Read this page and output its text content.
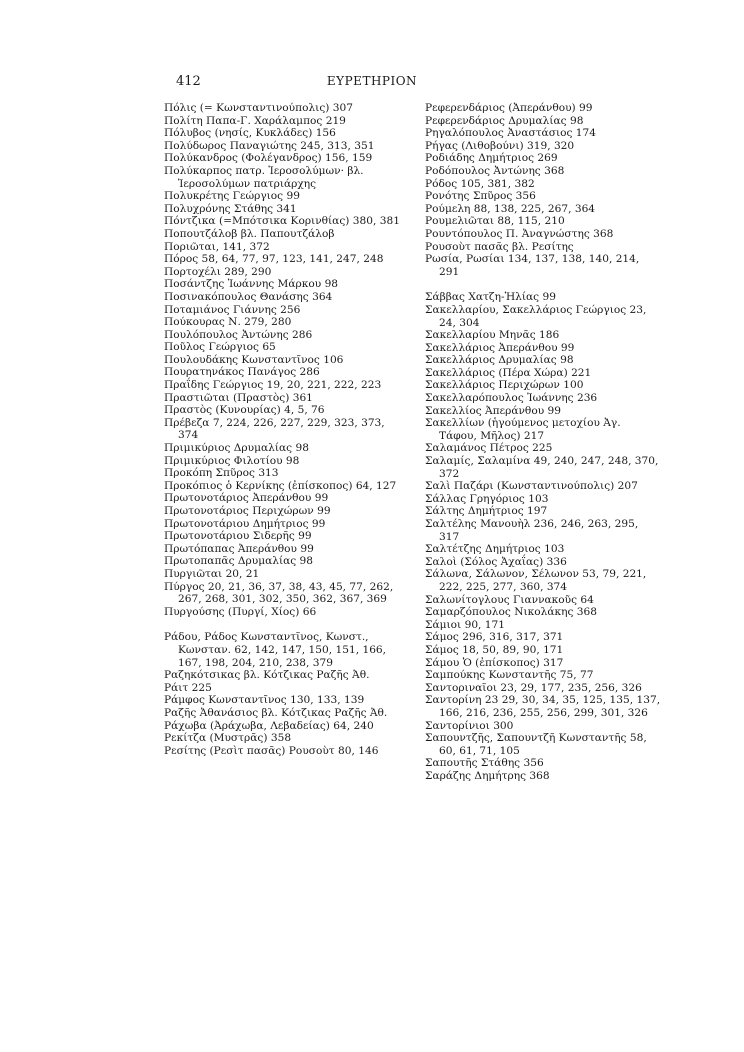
412	ΕΥΡΕΤΗΡΙΟΝ
Πόλις (= Κωνσταντινούπολις) 307
Πολίτη Παπα-Γ. Χαράλαμπος 219
Πόλυβος (νησίς, Κυκλάδες) 156
Πολύδωρος Παναγιώτης 245, 313, 351
Πολύκανδρος (Φολέγανδρος) 156, 159
Πολύκαρπος πατρ. Ἱεροσολύμων· βλ. Ἱεροσολύμων πατριάρχης
Πολυκρέτης Γεώργιος 99
Πολυχρόνης Στάθης 341
Πόντζικα (=Μπότσικα Κορινθίας) 380, 381
Ποπουτζάλοβ βλ. Παπουτζάλοβ
Ποριῶται, 141, 372
Πόρος 58, 64, 77, 97, 123, 141, 247, 248
Πορτοχέλι 289, 290
Ποσάντζης Ἰωάννης Μάρκου 98
Ποσινακόπουλος Θανάσης 364
Ποταμιάνος Γιάννης 256
Πούκουρας Ν. 279, 280
Πουλόπουλος Ἀντώνης 286
Ποῦλος Γεώργιος 65
Πουλουδάκης Κωνσταντῖνος 106
Πουρατηνάκος Πανάγος 286
Πραΐδης Γεώργιος 19, 20, 221, 222, 223
Πραστιῶται (Πραστὸς) 361
Πραστὸς (Κυνουρίας) 4, 5, 76
Πρέβεζα 7, 224, 226, 227, 229, 323, 373, 374
Πριμικύριος Δρυμαλίας 98
Πριμικύριος Φιλοτίου 98
Προκόπη Σπῦρος 313
Προκόπιος ὁ Κερνίκης (ἐπίσκοπος) 64, 127
Πρωτονοτάριος Ἀπεράνθου 99
Πρωτονοτάριος Περιχώρων 99
Πρωτονοτάριου Δημήτριος 99
Πρωτονοτάριου Σιδερῆς 99
Πρωτόπαπας Ἀπεράνθου 99
Πρωτοπαπᾶς Δρυμαλίας 98
Πυργιῶται 20, 21
Πύργος 20, 21, 36, 37, 38, 43, 45, 77, 262, 267, 268, 301, 302, 350, 362, 367, 369
Πυργούσης (Πυργί, Χίος) 66
Ράδου, Ράδος Κωνσταντῖνος, Κωνστ., Κωνσταν. 62, 142, 147, 150, 151, 166, 167, 198, 204, 210, 238, 379
Ραζηκότσικας βλ. Κότζικας Ραζῆς Ἀθ.
Ράιτ 225
Ράμφος Κωνσταντῖνος 130, 133, 139
Ραζῆς Ἀθανάσιος βλ. Κότζικας Ραζῆς Ἀθ.
Ράχωβα (Ἀράχωβα, Λεβαδείας) 64, 240
Ρεκίτζα (Μυστρᾶς) 358
Ρεσίτης (Ρεσὶτ πασᾶς) Ρουσοὺτ 80, 146
Ρεφερενδάριος (Ἀπεράνθου) 99
Ρεφερενδάριος Δρυμαλίας 98
Ρηγαλόπουλος Ἀναστάσιος 174
Ρήγας (Λιθοβούνι) 319, 320
Ροδιάδης Δημήτριος 269
Ροδόπουλος Ἀντώνης 368
Ρόδος 105, 381, 382
Ρονότης Σπῦρος 356
Ρούμελη 88, 138, 225, 267, 364
Ρουμελιῶται 88, 115, 210
Ρουντόπουλος Π. Ἀναγνώστης 368
Ρουσοὺτ πασᾶς βλ. Ρεσίτης
Ρωσία, Ρωσίαι 134, 137, 138, 140, 214, 291
Σάββας Χατζη-Ἠλίας 99
Σακελλαρίου, Σακελλάριος Γεώργιος 23, 24, 304
Σακελλαρίου Μηνᾶς 186
Σακελλάριος Ἀπεράνθου 99
Σακελλάριος Δρυμαλίας 98
Σακελλάριος (Πέρα Χώρα) 221
Σακελλάριος Περιχώρων 100
Σακελλαρόπουλος Ἰωάννης 236
Σακελλίος Ἀπεράνθου 99
Σακελλίων (ἡγούμενος μετοχίου Ἀγ. Τάφου, Μῆλος) 217
Σαλαμάνος Πέτρος 225
Σαλαμίς, Σαλαμίνα 49, 240, 247, 248, 370, 372
Σαλὶ Παζάρι (Κωνσταντινούπολις) 207
Σάλλας Γρηγόριος 103
Σάλτης Δημήτριος 197
Σαλτέλης Μανουὴλ 236, 246, 263, 295, 317
Σαλτέτζης Δημήτριος 103
Σαλοὶ (Σόλος Ἀχαΐας) 336
Σάλωνα, Σάλωνον, Σέλωνον 53, 79, 221, 222, 225, 277, 360, 374
Σαλωνίτογλους Γιαννακοῦς 64
Σαμαρζόπουλος Νικολάκης 368
Σάμιοι 90, 171
Σάμος 296, 316, 317, 371
Σάμος 18, 50, 89, 90, 171
Σάμου Ὁ (ἐπίσκοπος) 317
Σαμπούκης Κωνσταντῆς 75, 77
Σαντοριναῖοι 23, 29, 177, 235, 256, 326
Σαντορίνη 23 29, 30, 34, 35, 125, 135, 137, 166, 216, 236, 255, 256, 299, 301, 326
Σαντορίνιοι 300
Σαπουντζῆς, Σαπουντζῆ Κωνσταντῆς 58, 60, 61, 71, 105
Σαπουτῆς Στάθης 356
Σαράζης Δημήτρης 368
